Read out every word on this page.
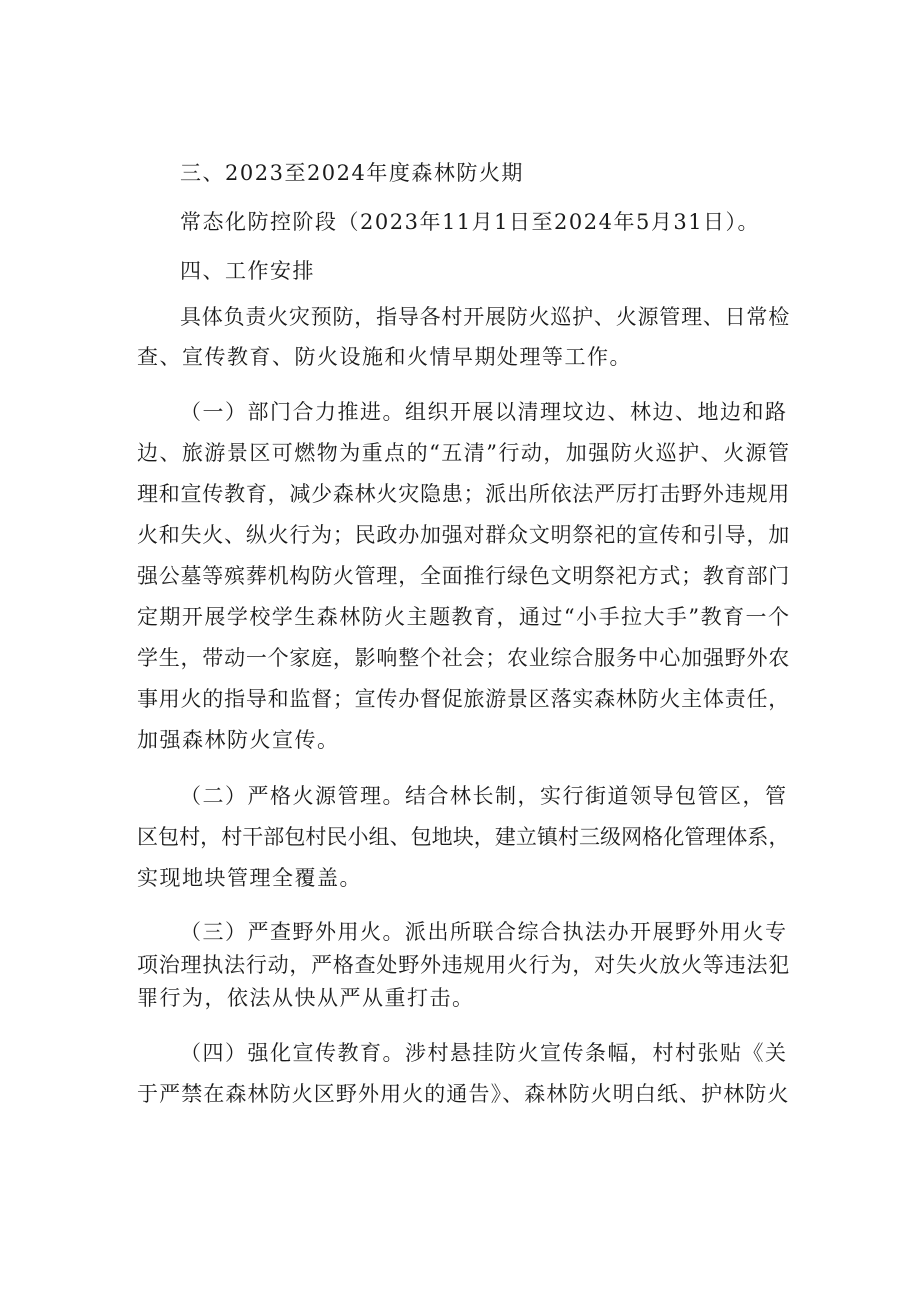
三、2023至2024年度森林防火期
常态化防控阶段（2023年11月1日至2024年5月31日）。
四、工作安排
具体负责火灾预防，指导各村开展防火巡护、火源管理、日常检
查、宣传教育、防火设施和火情早期处理等工作。
（一）部门合力推进。组织开展以清理坟边、林边、地边和路
边、旅游景区可燃物为重点的“五清”行动，加强防火巡护、火源管
理和宣传教育，减少森林火灾隐患；派出所依法严厉打击野外违规用
火和失火、纵火行为；民政办加强对群众文明祭祀的宣传和引导，加
强公墓等殡葬机构防火管理，全面推行绿色文明祭祀方式；教育部门
定期开展学校学生森林防火主题教育，通过“小手拉大手”教育一个
学生，带动一个家庭，影响整个社会；农业综合服务中心加强野外农
事用火的指导和监督；宣传办督促旅游景区落实森林防火主体责任，
加强森林防火宣传。
（二）严格火源管理。结合林长制，实行街道领导包管区，管
区包村，村干部包村民小组、包地块，建立镇村三级网格化管理体系，
实现地块管理全覆盖。
（三）严查野外用火。派出所联合综合执法办开展野外用火专
项治理执法行动，严格查处野外违规用火行为，对失火放火等违法犯
罪行为，依法从快从严从重打击。
（四）强化宣传教育。涉村悬挂防火宣传条幅，村村张贴《关
于严禁在森林防火区野外用火的通告》、森林防火明白纸、护林防火
